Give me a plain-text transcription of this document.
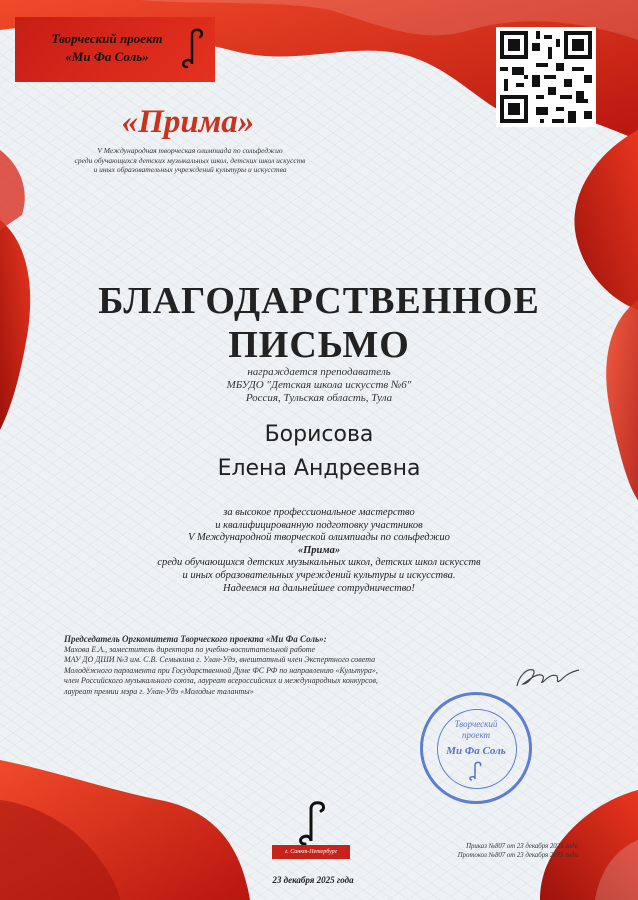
Творческий проект
«Ми Фа Соль»
«Прима»
V Международная творческая олимпиада по сольфеджио
среди обучающихся детских музыкальных школ, детских школ искусств
и иных образовательных учреждений культуры и искусства
БЛАГОДАРСТВЕННОЕ
ПИСЬМО
награждается преподаватель
МБУДО "Детская школа искусств №6"
Россия, Тульская область, Тула
Борисова
Елена Андреевна
за высокое профессиональное мастерство
и квалифицированную подготовку участников
V Международной творческой олимпиады по сольфеджио
«Прима»
среди обучающихся детских музыкальных школ, детских школ искусств
и иных образовательных учреждений культуры и искусства.
Надеемся на дальнейшее сотрудничество!
Председатель Оргкомитета Творческого проекта «Ми Фа Соль»:
Махова Е.А., заместитель директора по учебно-воспитательной работе
МАУ ДО ДШИ №3 им. С.В. Семыкина г. Улан-Удэ, внештатный член Экспертного совета
Молодёжного парламента при Государственной Думе ФС РФ по направлению «Культура»,
член Российского музыкального союза, лауреат всероссийских и международных конкурсов,
лауреат премии мэра г. Улан-Удэ «Молодые таланты»
Творческий
проект
Ми Фа Соль
г. Санкт-Петербург
23 декабря 2025 года
Приказ №807 от 23 декабря 2025 года
Протокол №807 от 23 декабря 2025 года
